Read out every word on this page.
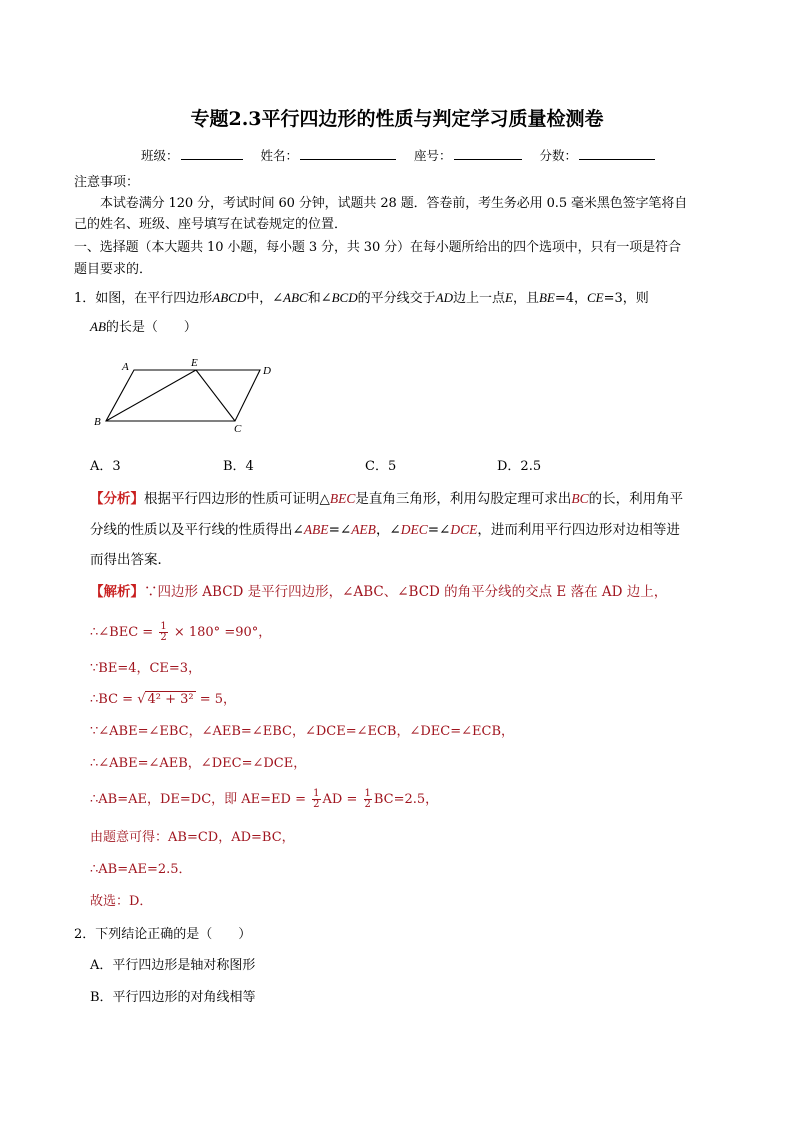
专题2.3平行四边形的性质与判定学习质量检测卷
班级：	姓名：	座号：	分数：
注意事项：
本试卷满分 120 分，考试时间 60 分钟，试题共 28 题．答卷前，考生务必用 0.5 毫米黑色签字笔将自
己的姓名、班级、座号填写在试卷规定的位置．
一、选择题（本大题共 10 小题，每小题 3 分，共 30 分）在每小题所给出的四个选项中，只有一项是符合
题目要求的．
1．如图，在平行四边形ABCD中，∠ABC和∠BCD的平分线交于AD边上一点E，且BE=4，CE=3，则
AB的长是（　　）
A	E
D
B
C
A．3	B．4	C．5	D．2.5
【分析】根据平行四边形的性质可证明△BEC是直角三角形，利用勾股定理可求出BC的长，利用角平
分线的性质以及平行线的性质得出∠ABE=∠AEB，∠DEC=∠DCE，进而利用平行四边形对边相等进
而得出答案．
【解析】∵四边形 ABCD 是平行四边形，∠ABC、∠BCD 的角平分线的交点 E 落在 AD 边上，
∴∠BEC = $\frac{1}{2} \times 180^\circ =90^\circ$，
∵BE=4，CE=3，
∴BC = √ 4² + 3² = 5，
∵∠ABE=∠EBC，∠AEB=∠EBC，∠DCE=∠ECB，∠DEC=∠ECB，
∴∠ABE=∠AEB，∠DEC=∠DCE，
∴AB=AE，DE=DC，即 $AE=ED = \frac{1}{2}$ AD = $\frac{1}{2} BC=2.5$，
由题意可得：AB=CD，AD=BC，
∴AB=AE=2.5．
故选：D．
2．下列结论正确的是（　　）
A．平行四边形是轴对称图形
B．平行四边形的对角线相等
